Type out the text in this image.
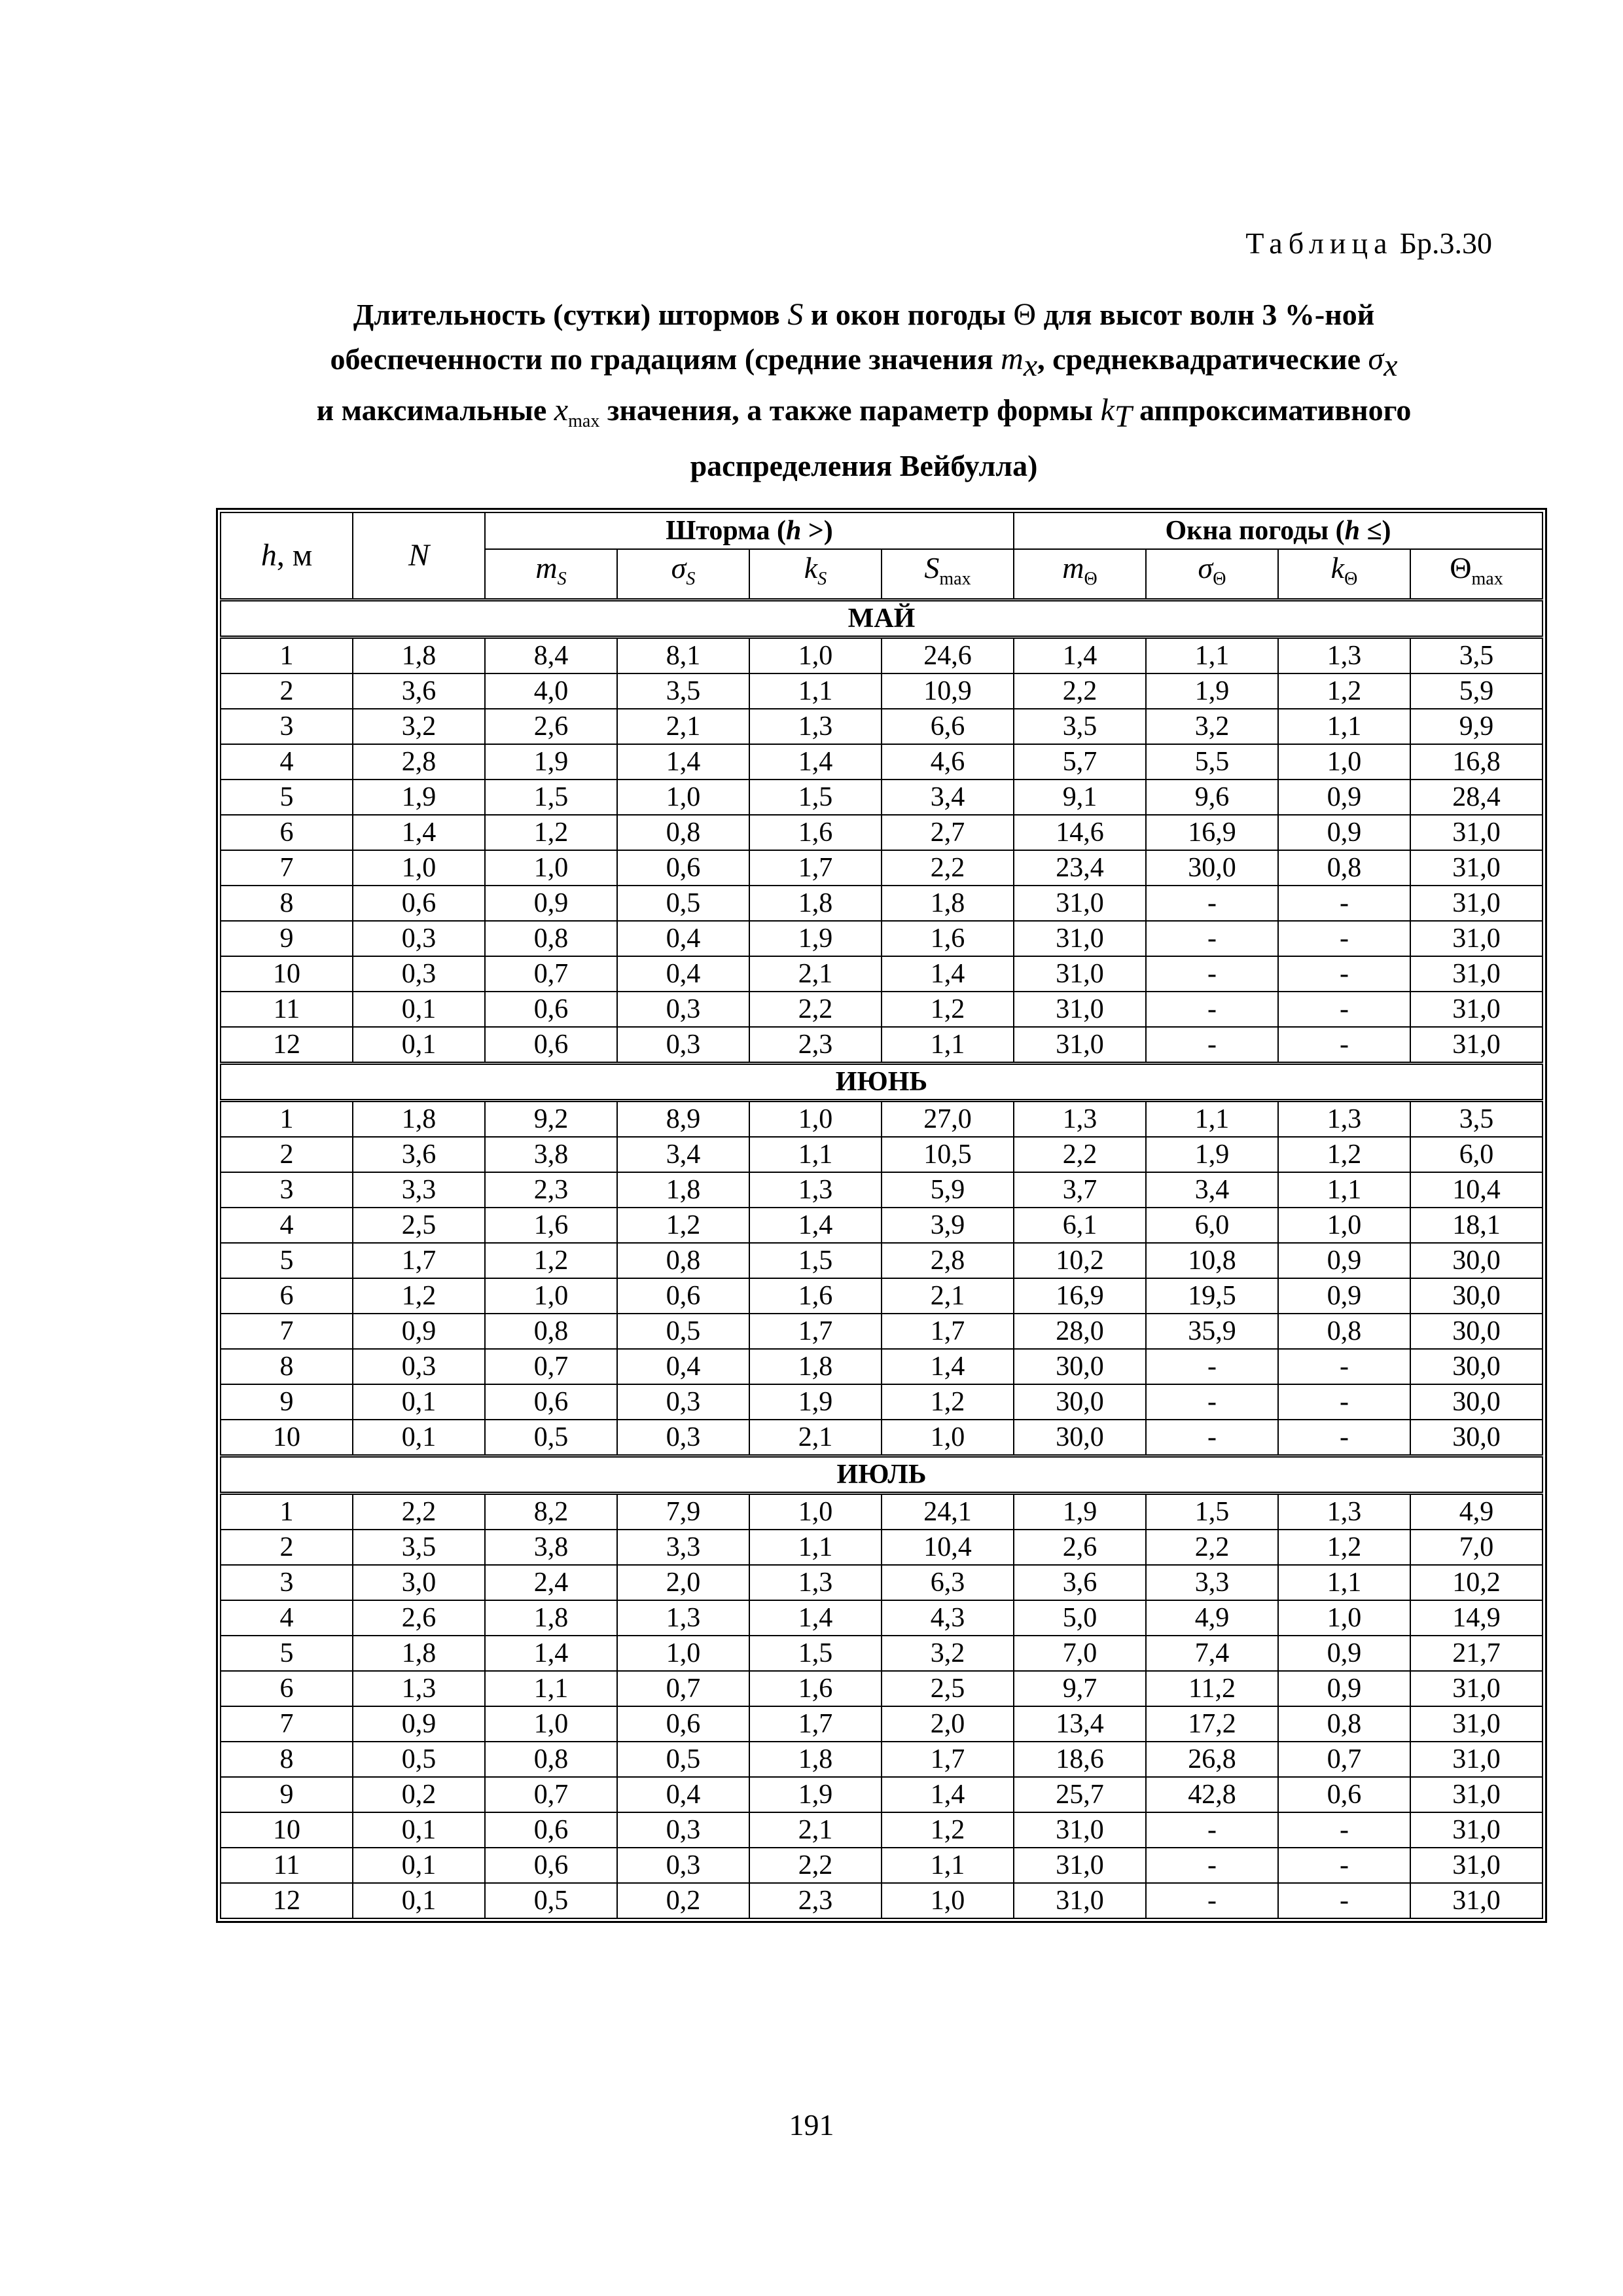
Таблица Бр.3.30
Длительность (сутки) штормов S и окон погоды Θ для высот волн 3 %-ной
обеспеченности по градациям (средние значения $m_x$, среднеквадратические $\sigma_x$
и максимальные $x_{max}$ значения, а также параметр формы $k_T$ аппроксимативного
распределения Вейбулла)
h, м	N	Шторма (h >)				Окна погоды (h ≤)			
		$m_S$	$\sigma_S$	$k_S$	$S_{max}$	$m_\Theta$	$\sigma_\Theta$	$k_\Theta$	$\Theta_{max}$
МАЙ									
1	1,8	8,4	8,1	1,0	24,6	1,4	1,1	1,3	3,5
2	3,6	4,0	3,5	1,1	10,9	2,2	1,9	1,2	5,9
3	3,2	2,6	2,1	1,3	6,6	3,5	3,2	1,1	9,9
4	2,8	1,9	1,4	1,4	4,6	5,7	5,5	1,0	16,8
5	1,9	1,5	1,0	1,5	3,4	9,1	9,6	0,9	28,4
6	1,4	1,2	0,8	1,6	2,7	14,6	16,9	0,9	31,0
7	1,0	1,0	0,6	1,7	2,2	23,4	30,0	0,8	31,0
8	0,6	0,9	0,5	1,8	1,8	31,0	-	-	31,0
9	0,3	0,8	0,4	1,9	1,6	31,0	-	-	31,0
10	0,3	0,7	0,4	2,1	1,4	31,0	-	-	31,0
11	0,1	0,6	0,3	2,2	1,2	31,0	-	-	31,0
12	0,1	0,6	0,3	2,3	1,1	31,0	-	-	31,0
ИЮНЬ									
1	1,8	9,2	8,9	1,0	27,0	1,3	1,1	1,3	3,5
2	3,6	3,8	3,4	1,1	10,5	2,2	1,9	1,2	6,0
3	3,3	2,3	1,8	1,3	5,9	3,7	3,4	1,1	10,4
4	2,5	1,6	1,2	1,4	3,9	6,1	6,0	1,0	18,1
5	1,7	1,2	0,8	1,5	2,8	10,2	10,8	0,9	30,0
6	1,2	1,0	0,6	1,6	2,1	16,9	19,5	0,9	30,0
7	0,9	0,8	0,5	1,7	1,7	28,0	35,9	0,8	30,0
8	0,3	0,7	0,4	1,8	1,4	30,0	-	-	30,0
9	0,1	0,6	0,3	1,9	1,2	30,0	-	-	30,0
10	0,1	0,5	0,3	2,1	1,0	30,0	-	-	30,0
ИЮЛЬ									
1	2,2	8,2	7,9	1,0	24,1	1,9	1,5	1,3	4,9
2	3,5	3,8	3,3	1,1	10,4	2,6	2,2	1,2	7,0
3	3,0	2,4	2,0	1,3	6,3	3,6	3,3	1,1	10,2
4	2,6	1,8	1,3	1,4	4,3	5,0	4,9	1,0	14,9
5	1,8	1,4	1,0	1,5	3,2	7,0	7,4	0,9	21,7
6	1,3	1,1	0,7	1,6	2,5	9,7	11,2	0,9	31,0
7	0,9	1,0	0,6	1,7	2,0	13,4	17,2	0,8	31,0
8	0,5	0,8	0,5	1,8	1,7	18,6	26,8	0,7	31,0
9	0,2	0,7	0,4	1,9	1,4	25,7	42,8	0,6	31,0
10	0,1	0,6	0,3	2,1	1,2	31,0	-	-	31,0
11	0,1	0,6	0,3	2,2	1,1	31,0	-	-	31,0
12	0,1	0,5	0,2	2,3	1,0	31,0	-	-	31,0
191
